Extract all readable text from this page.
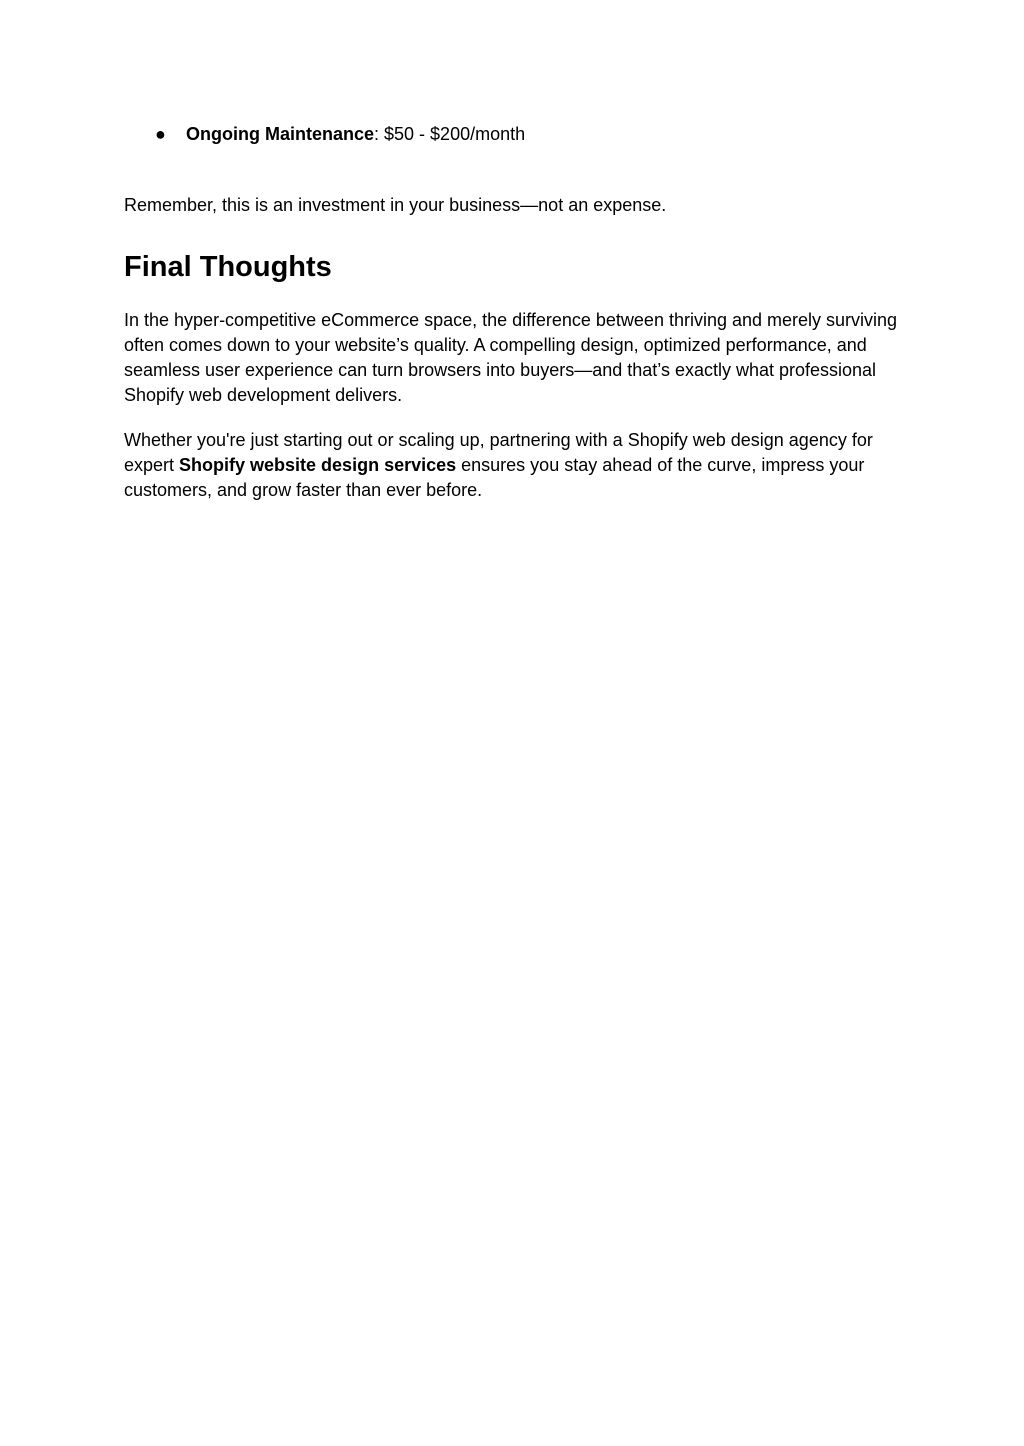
● Ongoing Maintenance: $50 - $200/month

Remember, this is an investment in your business—not an expense.

Final Thoughts

In the hyper-competitive eCommerce space, the difference between thriving and merely surviving often comes down to your website’s quality. A compelling design, optimized performance, and seamless user experience can turn browsers into buyers—and that’s exactly what professional Shopify web development delivers.

Whether you're just starting out or scaling up, partnering with a Shopify web design agency for expert Shopify website design services ensures you stay ahead of the curve, impress your customers, and grow faster than ever before.
